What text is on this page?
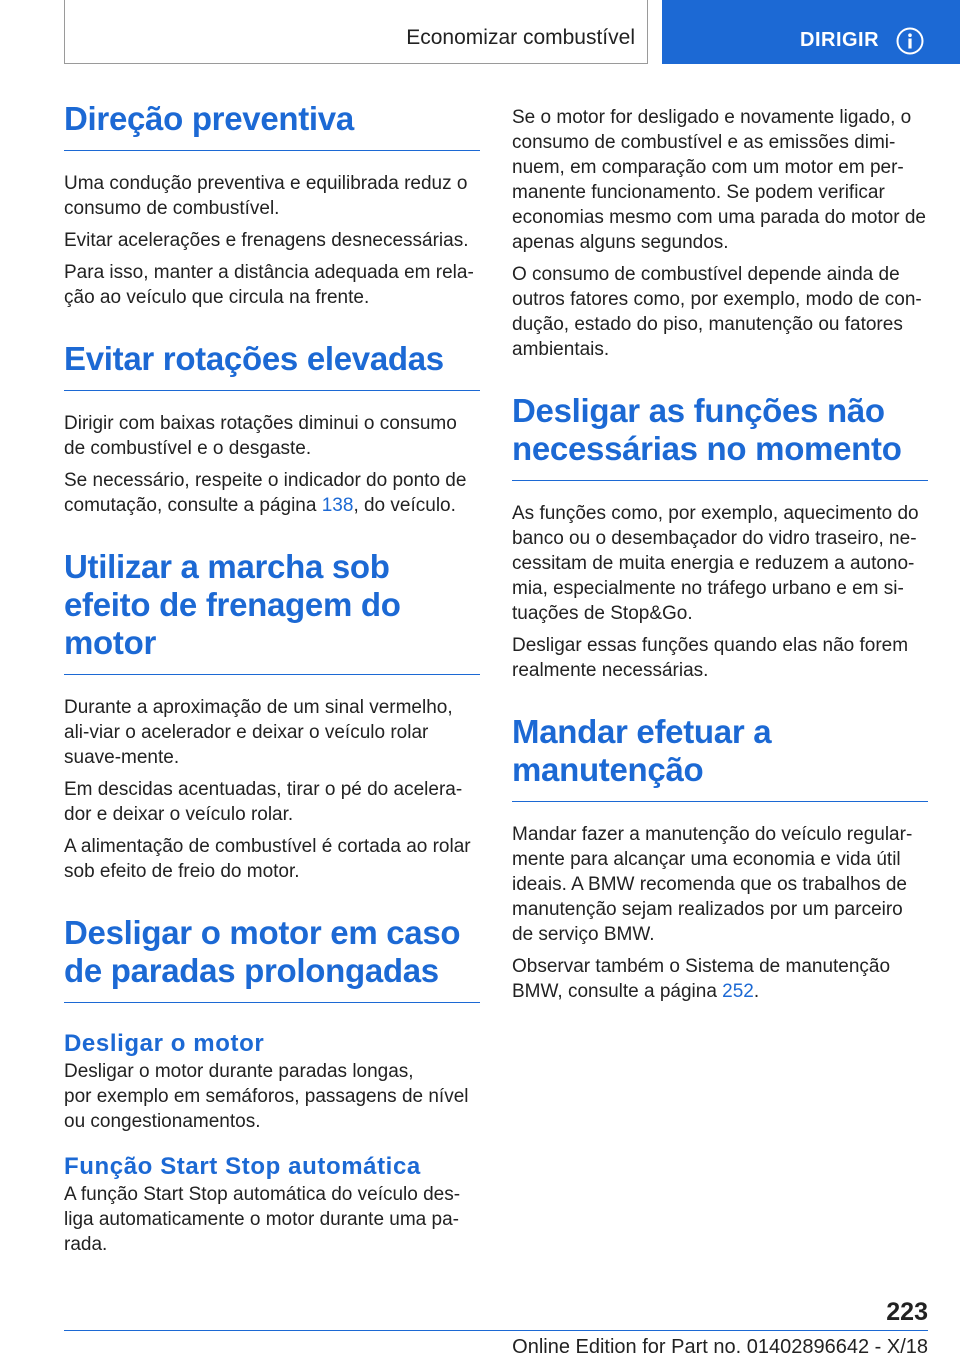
Economizar combustível	DIRIGIR
Direção preventiva

Uma condução preventiva e equilibrada reduz o consumo de combustível.

Evitar acelerações e frenagens desnecessárias.

Para isso, manter a distância adequada em rela-ção ao veículo que circula na frente.

Evitar rotações elevadas

Dirigir com baixas rotações diminui o consumo de combustível e o desgaste.

Se necessário, respeite o indicador do ponto de comutação, consulte a página 138, do veículo.

Utilizar a marcha sob efeito de frenagem do motor

Durante a aproximação de um sinal vermelho, ali-viar o acelerador e deixar o veículo rolar suave-mente.

Em descidas acentuadas, tirar o pé do acelera-dor e deixar o veículo rolar.

A alimentação de combustível é cortada ao rolar sob efeito de freio do motor.

Desligar o motor em caso de paradas prolongadas
Desligar o motor

Desligar o motor durante paradas longas,

por exemplo em semáforos, passagens de nível ou congestionamentos.

Função Start Stop automática

A função Start Stop automática do veículo des-liga automaticamente o motor durante uma pa-rada.

Se o motor for desligado e novamente ligado, o consumo de combustível e as emissões dimi-nuem, em comparação com um motor em per-manente funcionamento. Se podem verificar economias mesmo com uma parada do motor de apenas alguns segundos.

O consumo de combustível depende ainda de outros fatores como, por exemplo, modo de con-dução, estado do piso, manutenção ou fatores ambientais.

Desligar as funções não necessárias no momento

As funções como, por exemplo, aquecimento do banco ou o desembaçador do vidro traseiro, ne-cessitam de muita energia e reduzem a autono-mia, especialmente no tráfego urbano e em si-tuações de Stop&Go.

Desligar essas funções quando elas não forem realmente necessárias.

Mandar efetuar a manutenção

Mandar fazer a manutenção do veículo regular-mente para alcançar uma economia e vida útil ideais. A BMW recomenda que os trabalhos de manutenção sejam realizados por um parceiro de serviço BMW.

Observar também o Sistema de manutenção BMW, consulte a página 252.

223
Online Edition for Part no. 01402896642 - X/18
